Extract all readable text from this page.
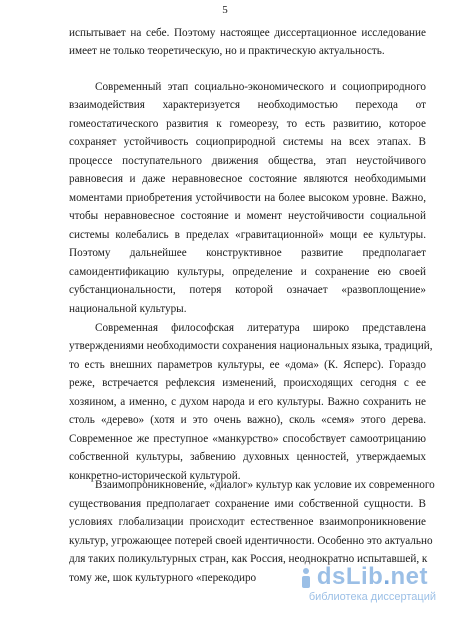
5
испытывает на себе. Поэтому настоящее диссертационное исследование
имеет не только теоретическую, но и практическую актуальность.
Современный этап социально-экономического и социоприродного
взаимодействия характеризуется необходимостью перехода от
гомеостатического развития к гомеорезу, то есть развитию, которое
сохраняет устойчивость социоприродной системы на всех этапах. В
процессе поступательного движения общества, этап неустойчивого
равновесия и даже неравновесное состояние являются необходимыми
моментами приобретения устойчивости на более высоком уровне. Важно,
чтобы неравновесное состояние и момент неустойчивости социальной
системы колебались в пределах «гравитационной» мощи ее культуры.
Поэтому дальнейшее конструктивное развитие предполагает
самоидентификацию культуры, определение и сохранение ею своей
субстанциональности, потеря которой означает «развоплощение»
национальной культуры.
Современная философская литература широко представлена
утверждениями необходимости сохранения национальных языка, традиций,
то есть внешних параметров культуры, ее «дома» (К. Ясперс). Гораздо
реже, встречается рефлексия изменений, происходящих сегодня с ее
хозяином, а именно, с духом народа и его культуры. Важно сохранить не
столь «дерево» (хотя и это очень важно), сколь «семя» этого дерева.
Современное же преступное «манкурство» способствует самоотрицанию
собственной культуры, забвению духовных ценностей, утверждаемых
конкретно-исторической культурой.
Взаимопроникновение, «диалог» культур как условие их современного
существования предполагает сохранение ими собственной сущности. В
условиях глобализации происходит естественное взаимопроникновение
культур, угрожающее потерей своей идентичности. Особенно это актуально
для таких поликультурных стран, как Россия, неоднократно испытавшей, к
тому же, шок культурного «перекодиро	dsLib.net
библиотека диссертаций
